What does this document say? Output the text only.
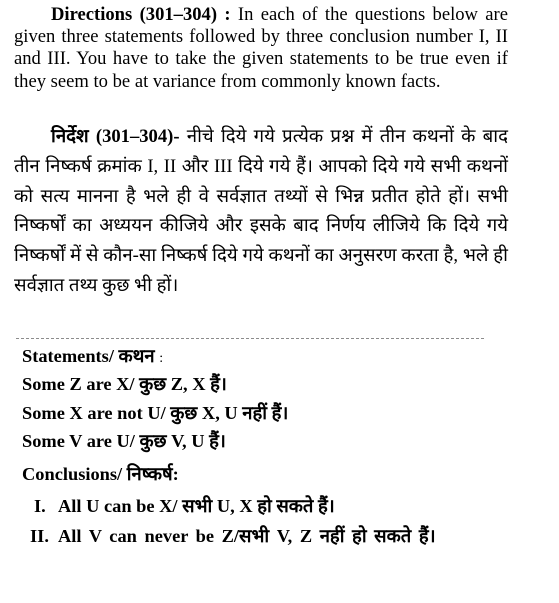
Directions (301–304) : In each of the questions below are given three statements followed by three conclusion number I, II and III. You have to take the given statements to be true even if they seem to be at variance from commonly known facts.

निर्देश (301–304)- नीचे दिये गये प्रत्येक प्रश्न में तीन कथनों के बाद तीन निष्कर्ष क्रमांक I, II और III दिये गये हैं। आपको दिये गये सभी कथनों को सत्य मानना है भले ही वे सर्वज्ञात तथ्यों से भिन्न प्रतीत होते हों। सभी निष्कर्षों का अध्ययन कीजिये और इसके बाद निर्णय लीजिये कि दिये गये निष्कर्षों में से कौन-सा निष्कर्ष दिये गये कथनों का अनुसरण करता है, भले ही सर्वज्ञात तथ्य कुछ भी हों।

Statements/ कथन :
Some Z are X/ कुछ Z, X हैं।
Some X are not U/ कुछ X, U नहीं हैं।
Some V are U/ कुछ V, U हैं।
Conclusions/ निष्कर्ष:
I. All U can be X/ सभी U, X हो सकते हैं।
II. All V can never be Z/सभी V, Z नहीं हो सकते हैं।
